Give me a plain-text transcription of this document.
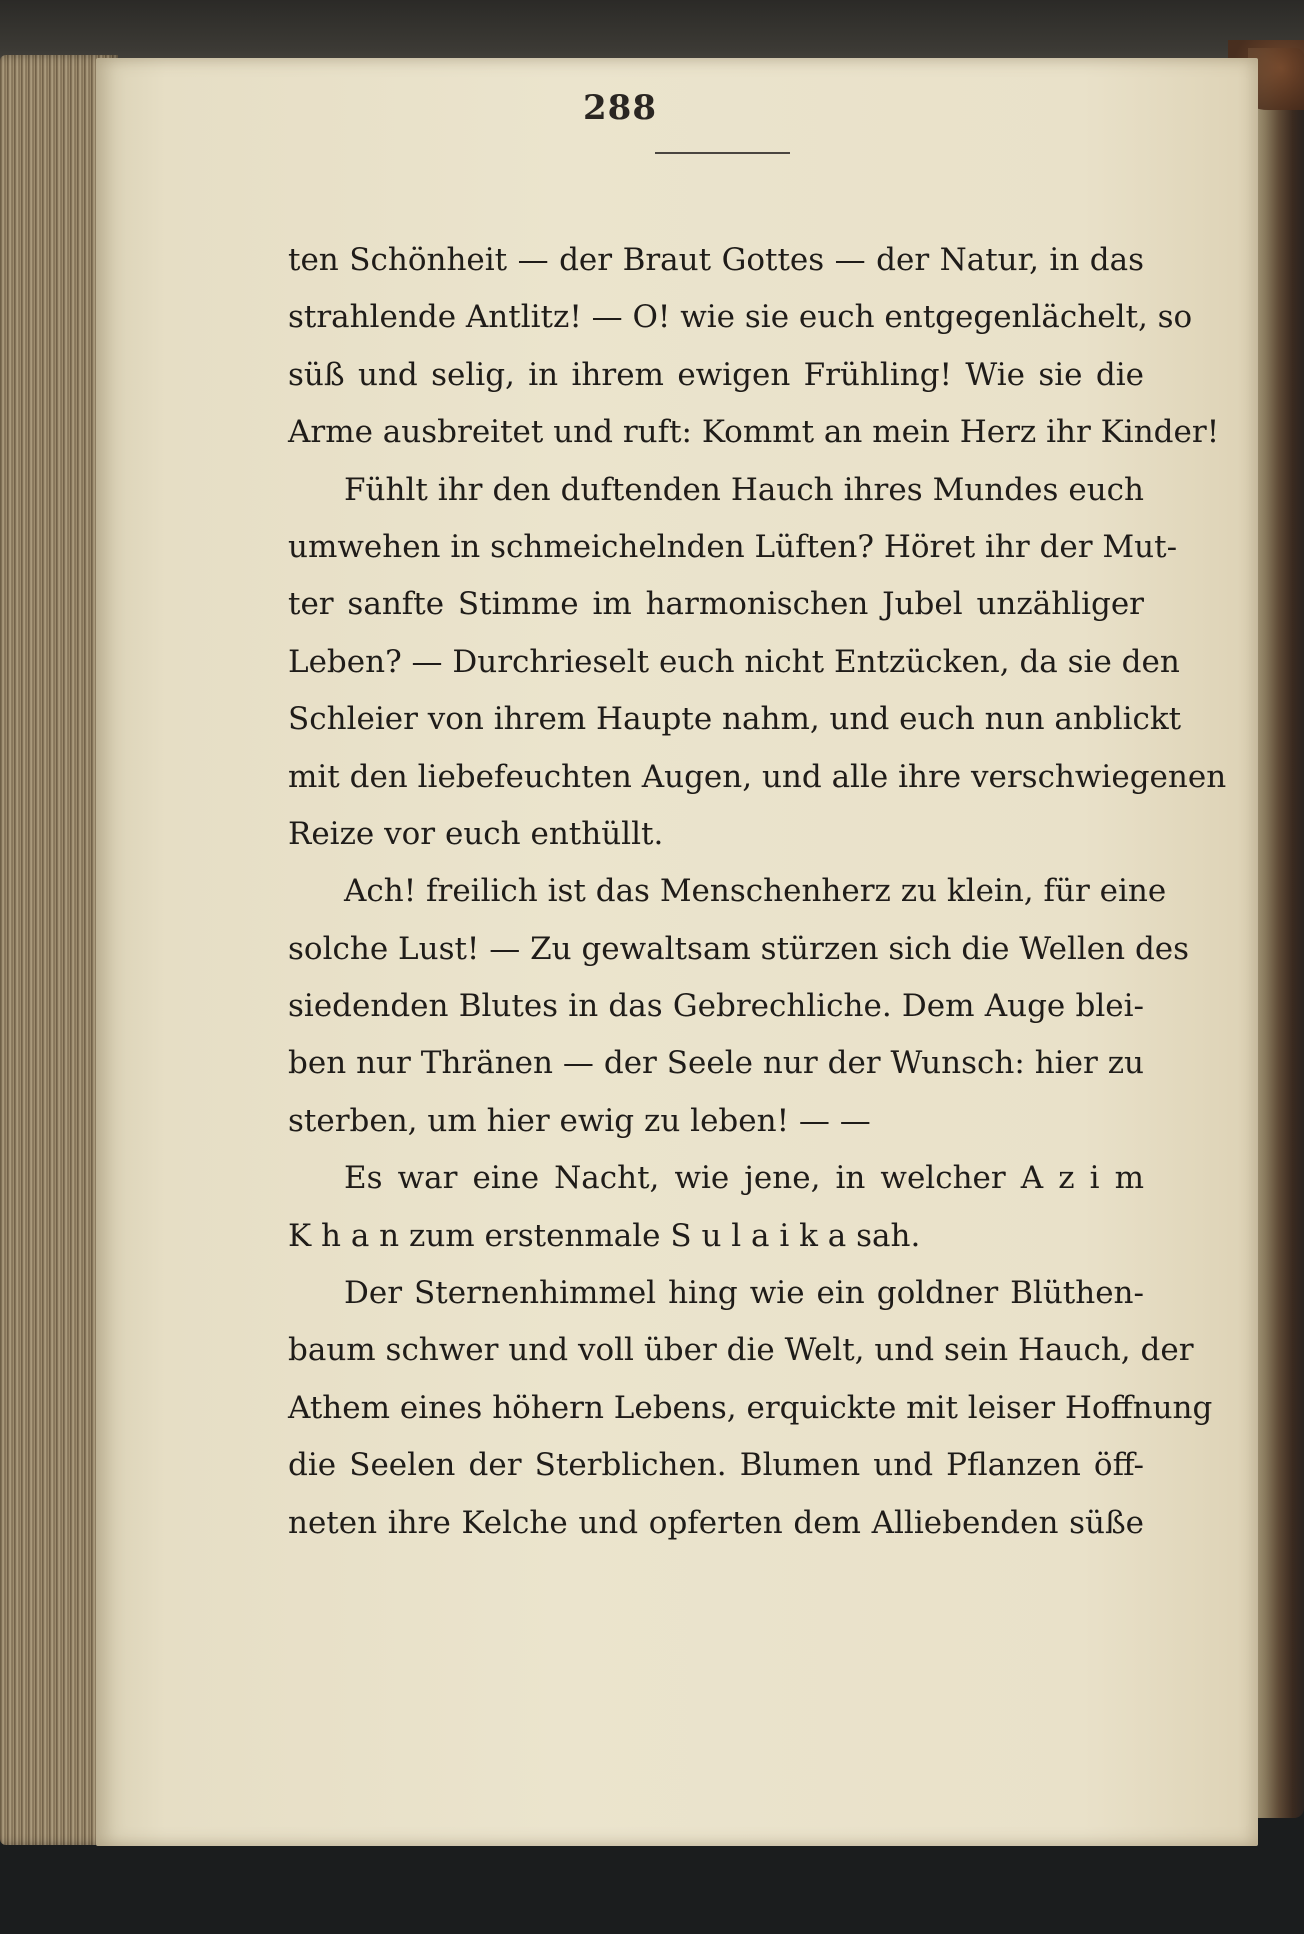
288
ten Schönheit — der Braut Gottes — der Natur, in das
strahlende Antlitz! — O! wie sie euch entgegenlächelt, so
süß und selig, in ihrem ewigen Frühling! Wie sie die
Arme ausbreitet und ruft: Kommt an mein Herz ihr Kinder!
Fühlt ihr den duftenden Hauch ihres Mundes euch
umwehen in schmeichelnden Lüften? Höret ihr der Mut-
ter sanfte Stimme im harmonischen Jubel unzähliger
Leben? — Durchrieselt euch nicht Entzücken, da sie den
Schleier von ihrem Haupte nahm, und euch nun anblickt
mit den liebefeuchten Augen, und alle ihre verschwiegenen
Reize vor euch enthüllt.
Ach! freilich ist das Menschenherz zu klein, für eine
solche Lust! — Zu gewaltsam stürzen sich die Wellen des
siedenden Blutes in das Gebrechliche. Dem Auge blei-
ben nur Thränen — der Seele nur der Wunsch: hier zu
sterben, um hier ewig zu leben! — —
Es war eine Nacht, wie jene, in welcher A z i m
K h a n zum erstenmale S u l a i k a sah.
Der Sternenhimmel hing wie ein goldner Blüthen-
baum schwer und voll über die Welt, und sein Hauch, der
Athem eines höhern Lebens, erquickte mit leiser Hoffnung
die Seelen der Sterblichen. Blumen und Pflanzen öff-
neten ihre Kelche und opferten dem Alliebenden süße
